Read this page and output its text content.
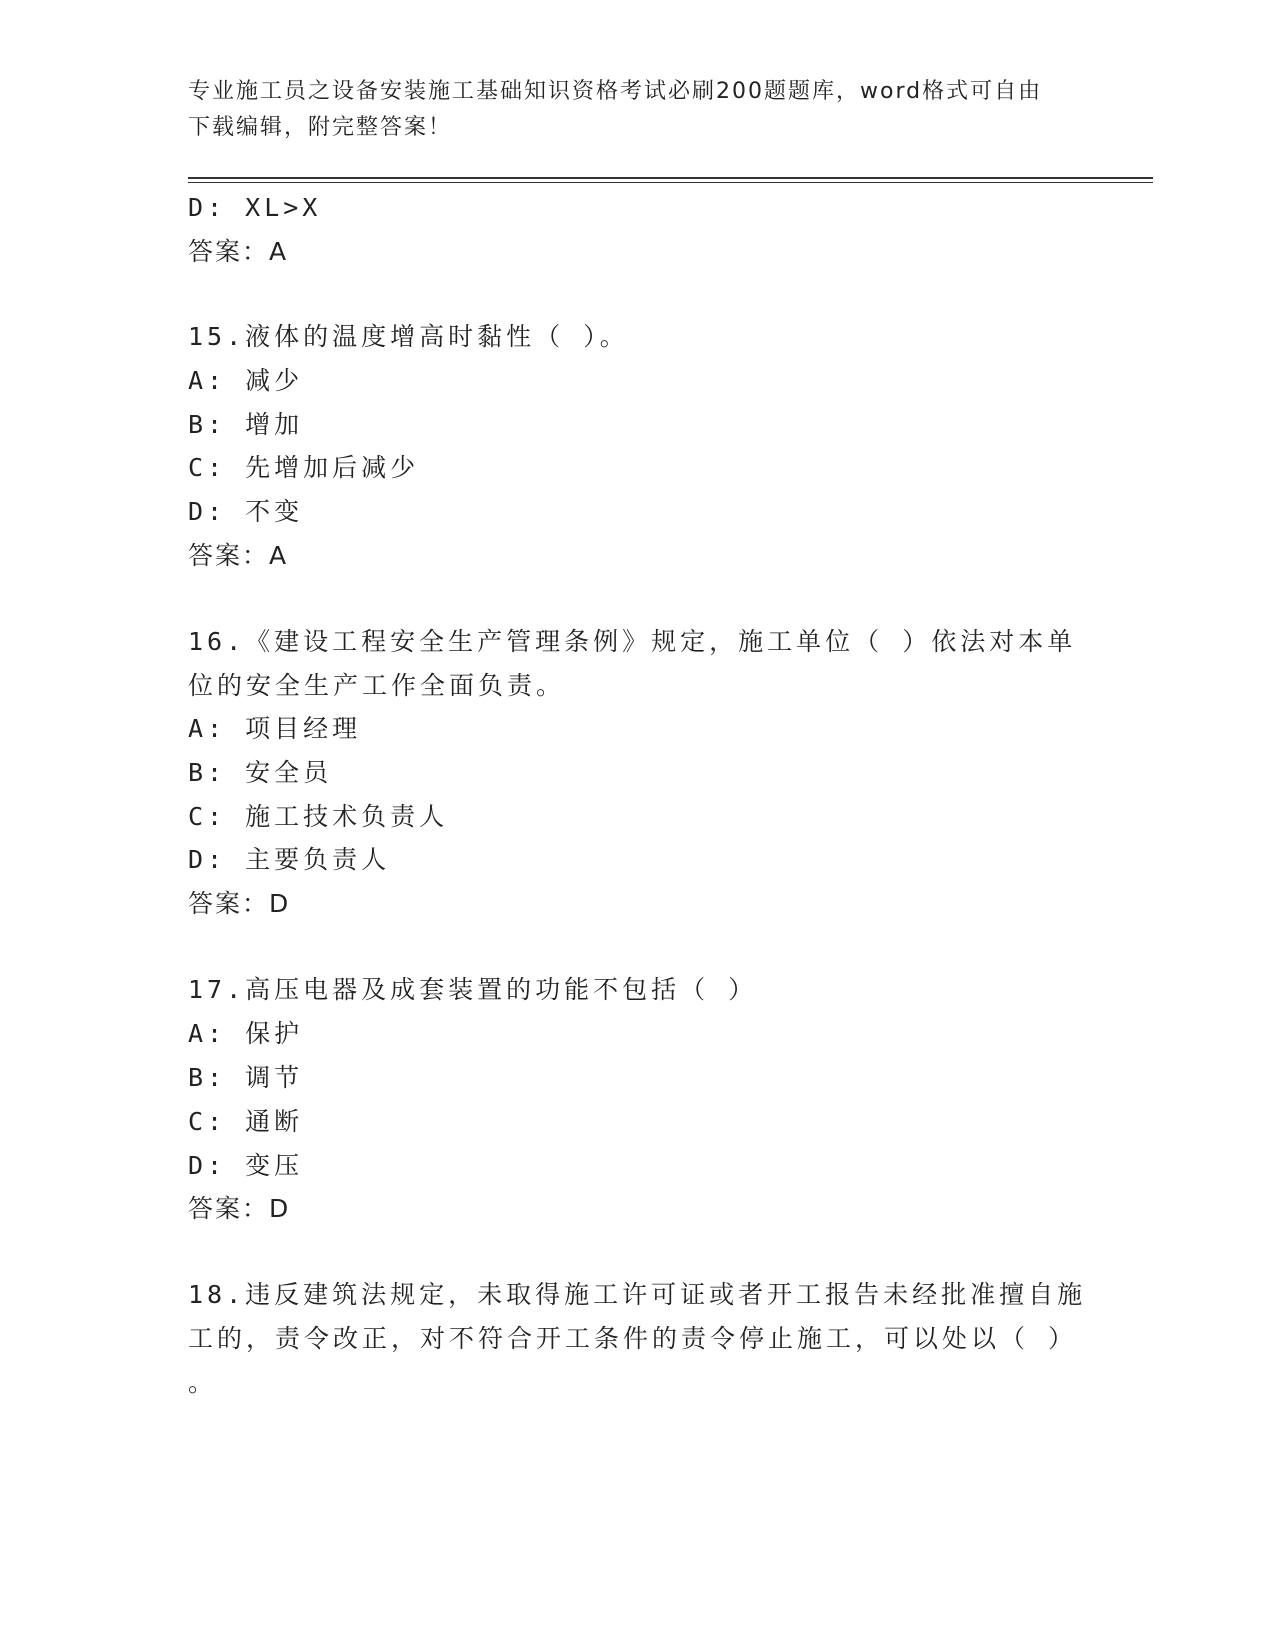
专业施工员之设备安装施工基础知识资格考试必刷200题题库，word格式可自由
下载编辑，附完整答案！
D: XL>X
答案：A
15.液体的温度增高时黏性（ ）。
A: 减少
B: 增加
C: 先增加后减少
D: 不变
答案：A
16.《建设工程安全生产管理条例》规定，施工单位（ ）依法对本单
位的安全生产工作全面负责。
A: 项目经理
B: 安全员
C: 施工技术负责人
D: 主要负责人
答案：D
17.高压电器及成套装置的功能不包括（ ）
A: 保护
B: 调节
C: 通断
D: 变压
答案：D
18.违反建筑法规定，未取得施工许可证或者开工报告未经批准擅自施
工的，责令改正，对不符合开工条件的责令停止施工，可以处以（ ）
。
